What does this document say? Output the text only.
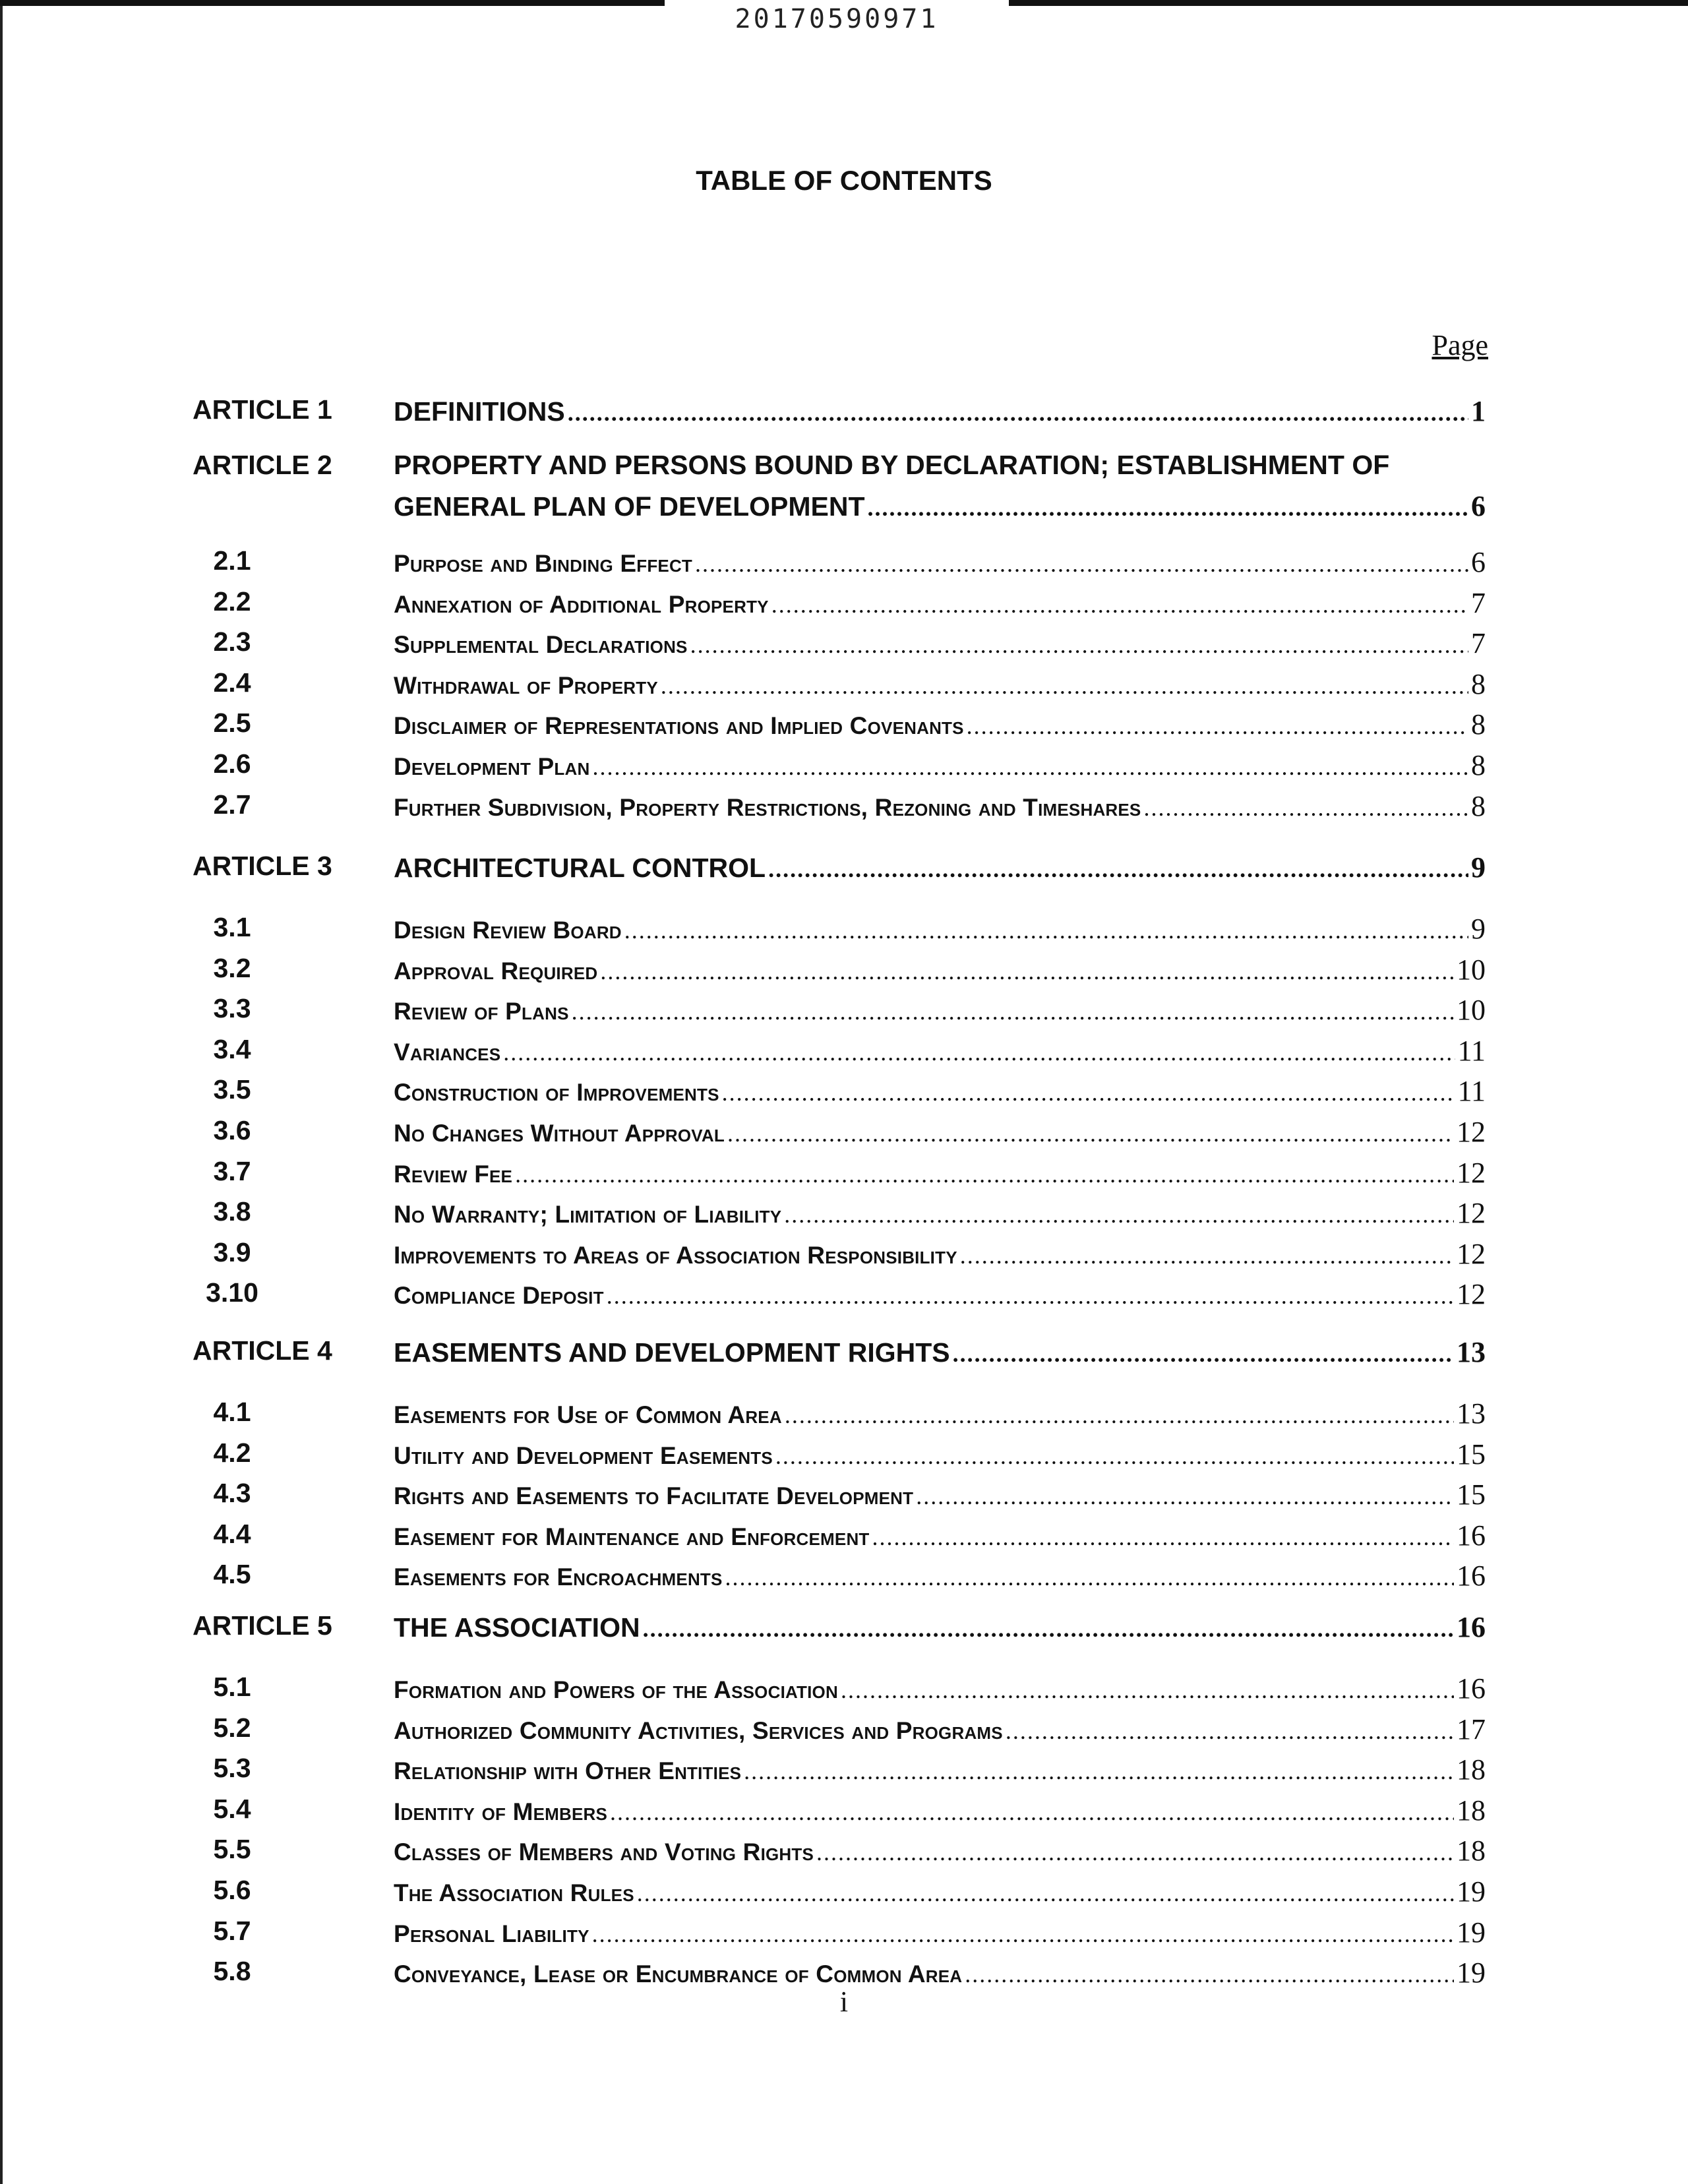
20170590971
TABLE OF CONTENTS
Page
ARTICLE 1	DEFINITIONS .....	1
ARTICLE 2	PROPERTY AND PERSONS BOUND BY DECLARATION; ESTABLISHMENT OF
GENERAL PLAN OF DEVELOPMENT .....	6
2.1	Purpose and Binding Effect .....	6
2.2	Annexation of Additional Property .....	7
2.3	Supplemental Declarations .....	7
2.4	Withdrawal of Property .....	8
2.5	Disclaimer of Representations and Implied Covenants .....	8
2.6	Development Plan .....	8
2.7	Further Subdivision, Property Restrictions, Rezoning and Timeshares .....	8
ARTICLE 3	ARCHITECTURAL CONTROL .....	9
3.1	Design Review Board .....	9
3.2	Approval Required .....	10
3.3	Review of Plans .....	10
3.4	Variances .....	11
3.5	Construction of Improvements .....	11
3.6	No Changes Without Approval .....	12
3.7	Review Fee .....	12
3.8	No Warranty; Limitation of Liability .....	12
3.9	Improvements to Areas of Association Responsibility .....	12
3.10	Compliance Deposit .....	12
ARTICLE 4	EASEMENTS AND DEVELOPMENT RIGHTS .....	13
4.1	Easements for Use of Common Area .....	13
4.2	Utility and Development Easements .....	15
4.3	Rights and Easements to Facilitate Development .....	15
4.4	Easement for Maintenance and Enforcement .....	16
4.5	Easements for Encroachments .....	16
ARTICLE 5	THE ASSOCIATION .....	16
5.1	Formation and Powers of the Association .....	16
5.2	Authorized Community Activities, Services and Programs .....	17
5.3	Relationship with Other Entities .....	18
5.4	Identity of Members .....	18
5.5	Classes of Members and Voting Rights .....	18
5.6	The Association Rules .....	19
5.7	Personal Liability .....	19
5.8	Conveyance, Lease or Encumbrance of Common Area .....	19
i
